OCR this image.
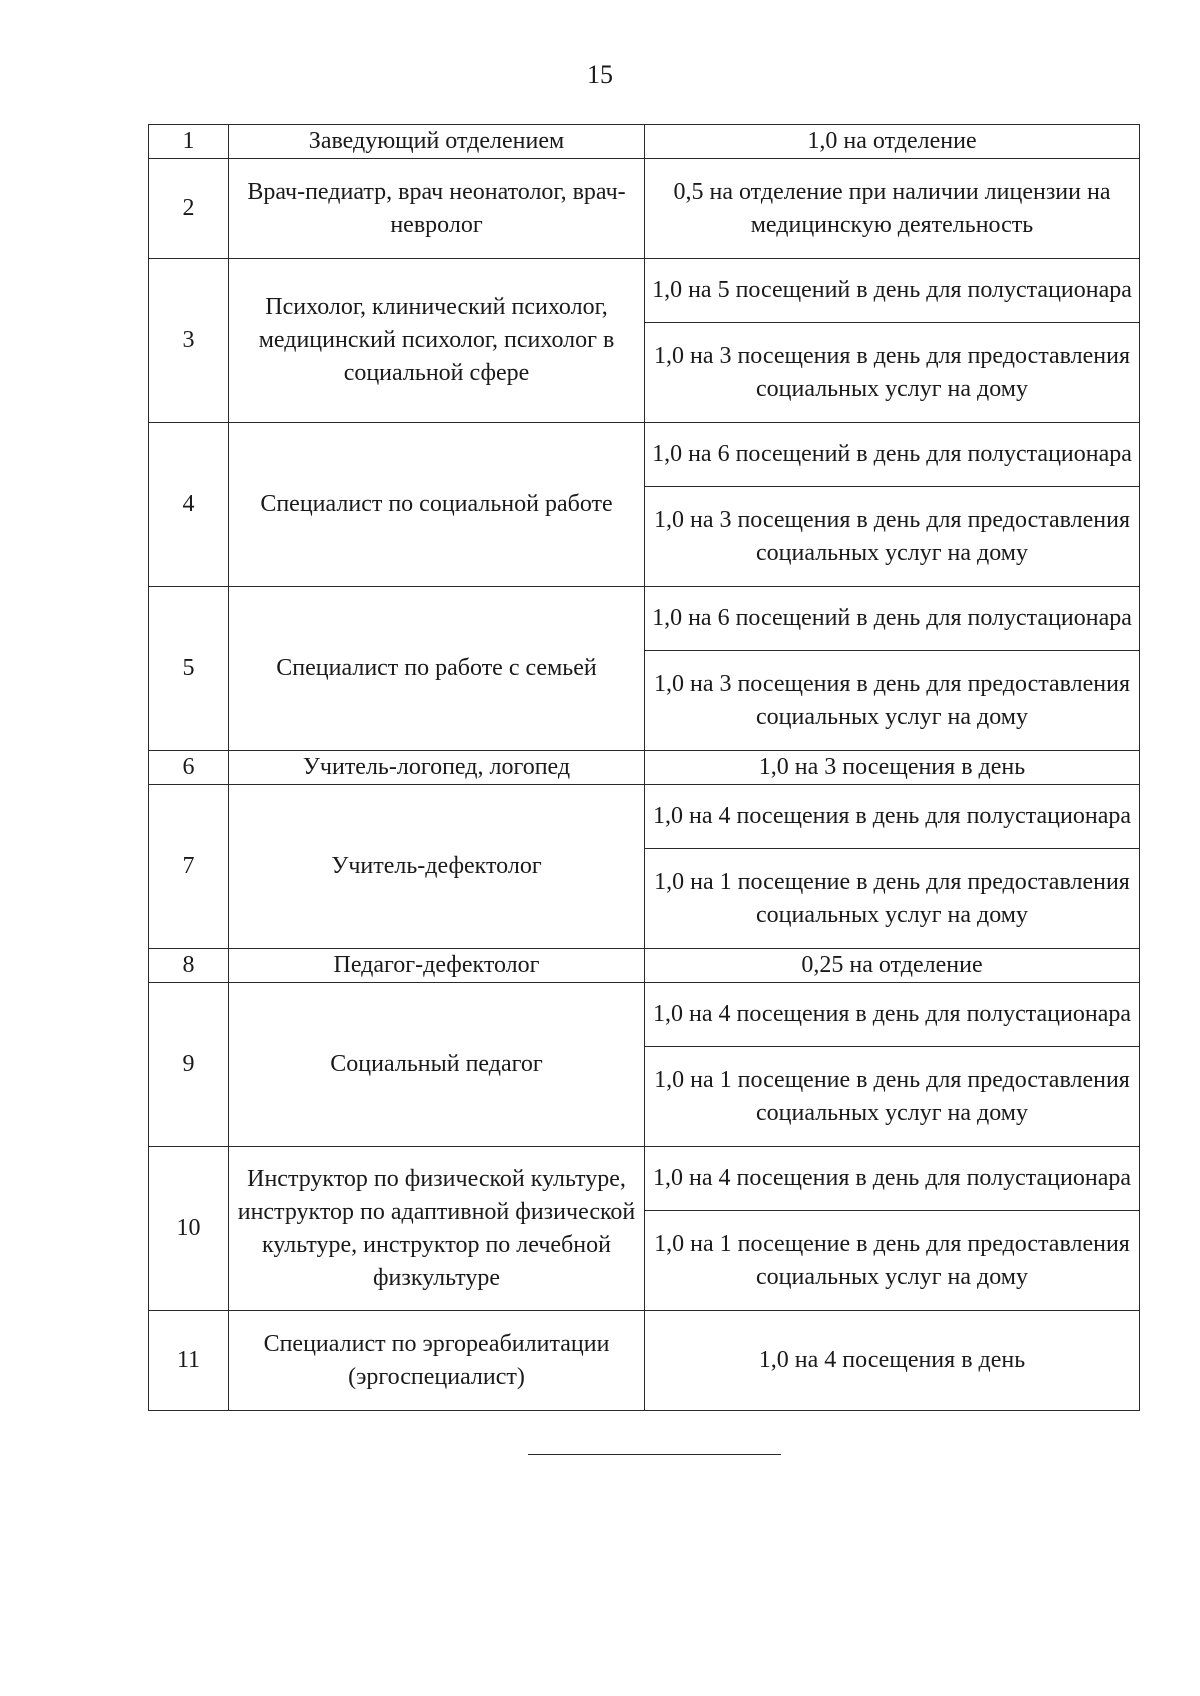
15
1	Заведующий отделением	1,0 на отделение
2	Врач-педиатр, врач неонатолог, врач-невролог	0,5 на отделение при наличии лицензии на медицинскую деятельность
3	Психолог, клинический психолог, медицинский психолог, психолог в социальной сфере	1,0 на 5 посещений в день для полустационара
		1,0 на 3 посещения в день для предоставления социальных услуг на дому
4	Специалист по социальной работе	1,0 на 6 посещений в день для полустационара
		1,0 на 3 посещения в день для предоставления социальных услуг на дому
5	Специалист по работе с семьей	1,0 на 6 посещений в день для полустационара
		1,0 на 3 посещения в день для предоставления социальных услуг на дому
6	Учитель-логопед, логопед	1,0 на 3 посещения в день
7	Учитель-дефектолог	1,0 на 4 посещения в день для полустационара
		1,0 на 1 посещение в день для предоставления социальных услуг на дому
8	Педагог-дефектолог	0,25 на отделение
9	Социальный педагог	1,0 на 4 посещения в день для полустационара
		1,0 на 1 посещение в день для предоставления социальных услуг на дому
10	Инструктор по физической культуре, инструктор по адаптивной физической культуре, инструктор по лечебной физкультуре	1,0 на 4 посещения в день для полустационара
		1,0 на 1 посещение в день для предоставления социальных услуг на дому
11	Специалист по эргореабилитации (эргоспециалист)	1,0 на 4 посещения в день
